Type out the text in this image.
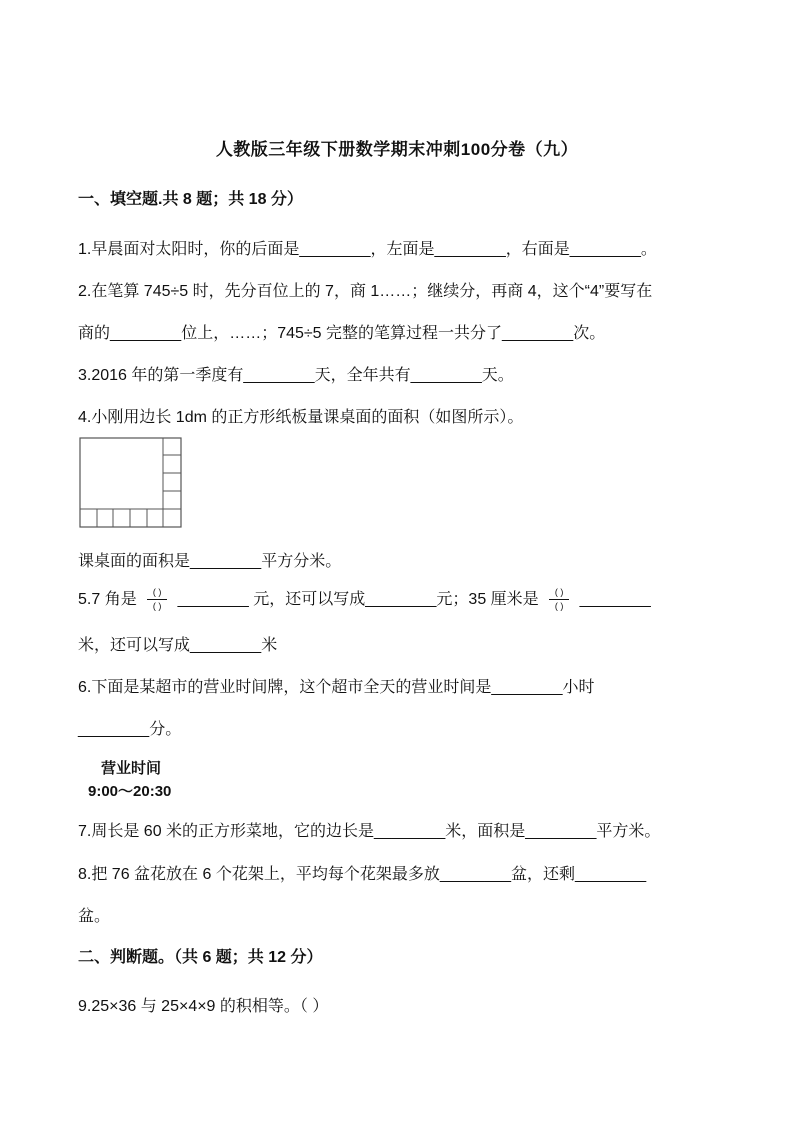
人教版三年级下册数学期末冲刺100分卷（九）
一、填空题.共 8 题；共 18 分）
1.早晨面对太阳时，你的后面是________，左面是________，右面是________。
2.在笔算 745÷5 时，先分百位上的 7，商 1……；继续分，再商 4，这个“4”要写在
商的________位上，……；745÷5 完整的笔算过程一共分了________次。
3.2016 年的第一季度有________天，全年共有________天。
4.小刚用边长 1dm 的正方形纸板量课桌面的面积（如图所示）。
课桌面的面积是________平方分米。
5.7 角是 $\frac{( )}{( )}$ ________ 元，还可以写成________元；35 厘米是 $\frac{( )}{( )}$ ________
米，还可以写成________米
6.下面是某超市的营业时间牌，这个超市全天的营业时间是________小时
________分。
营业时间
9:00～20:30
7.周长是 60 米的正方形菜地，它的边长是________米，面积是________平方米。
8.把 76 盆花放在 6 个花架上，平均每个花架最多放________盆，还剩________
盆。
二、判断题。（共 6 题；共 12 分）
9.25×36 与 25×4×9 的积相等。（ ）
